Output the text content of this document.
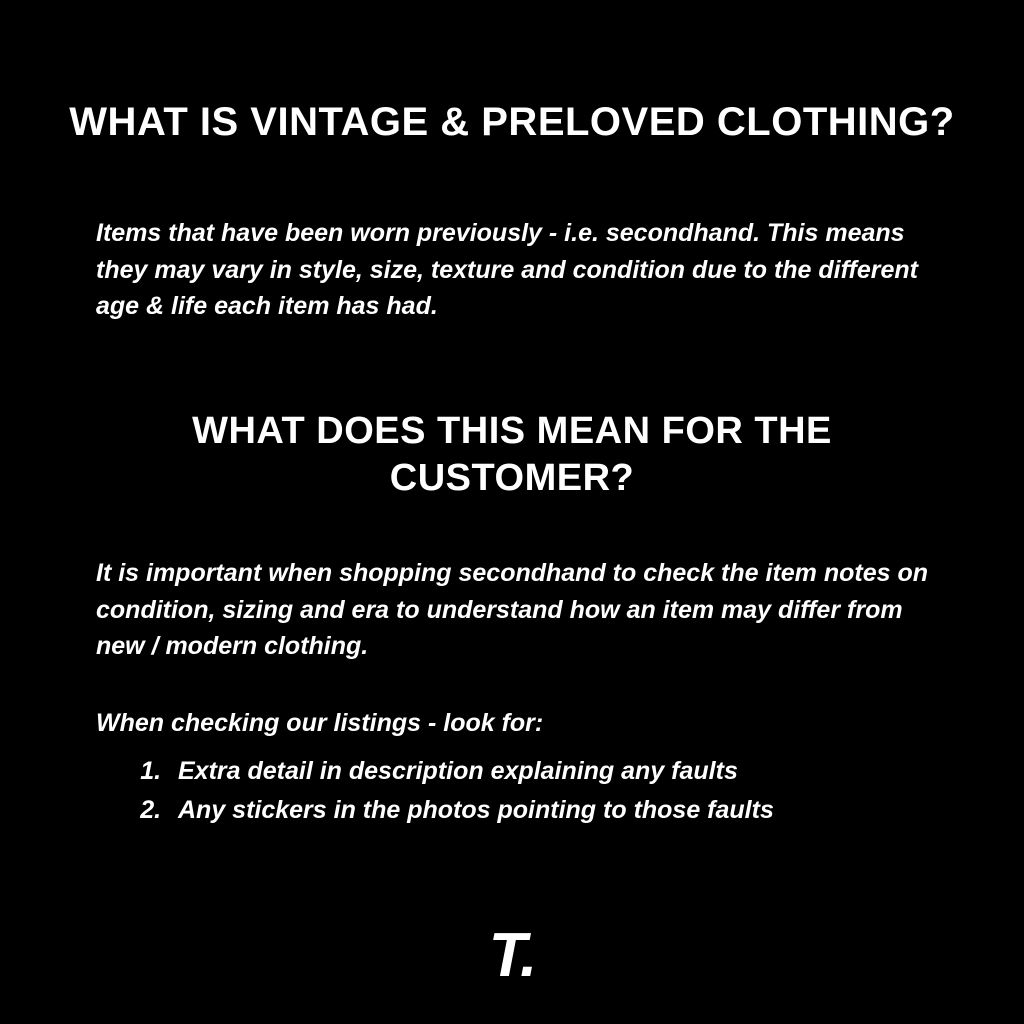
WHAT IS VINTAGE & PRELOVED CLOTHING?

Items that have been worn previously - i.e. secondhand. This means they may vary in style, size, texture and condition due to the different age & life each item has had.

WHAT DOES THIS MEAN FOR THE CUSTOMER?

It is important when shopping secondhand to check the item notes on condition, sizing and era to understand how an item may differ from new / modern clothing.

When checking our listings - look for:

1. Extra detail in description explaining any faults
2. Any stickers in the photos pointing to those faults
T.
